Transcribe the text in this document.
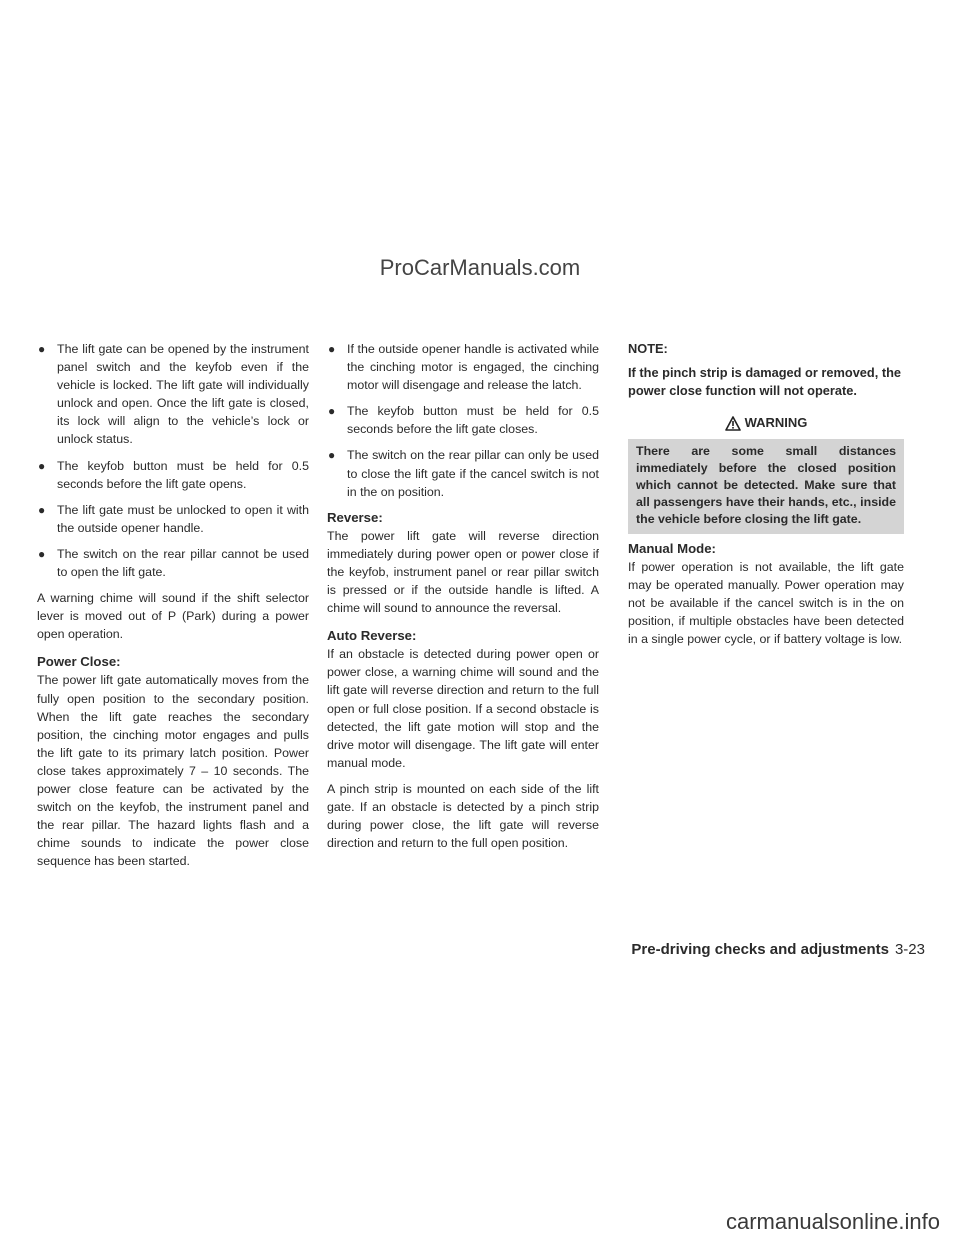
ProCarManuals.com
● The lift gate can be opened by the instrument panel switch and the keyfob even if the vehicle is locked. The lift gate will individually unlock and open. Once the lift gate is closed, its lock will align to the vehicle’s lock or unlock status.
● The keyfob button must be held for 0.5 seconds before the lift gate opens.
● The lift gate must be unlocked to open it with the outside opener handle.
● The switch on the rear pillar cannot be used to open the lift gate.

A warning chime will sound if the shift selector lever is moved out of P (Park) during a power open operation.

Power Close:

The power lift gate automatically moves from the fully open position to the secondary position. When the lift gate reaches the secondary position, the cinching motor engages and pulls the lift gate to its primary latch position. Power close takes approximately 7 – 10 seconds. The power close feature can be activated by the switch on the keyfob, the instrument panel and the rear pillar. The hazard lights flash and a chime sounds to indicate the power close sequence has been started.

● If the outside opener handle is activated while the cinching motor is engaged, the cinching motor will disengage and release the latch.
● The keyfob button must be held for 0.5 seconds before the lift gate closes.
● The switch on the rear pillar can only be used to close the lift gate if the cancel switch is not in the on position.
Reverse:

The power lift gate will reverse direction immediately during power open or power close if the keyfob, instrument panel or rear pillar switch is pressed or if the outside handle is lifted. A chime will sound to announce the reversal.

Auto Reverse:

If an obstacle is detected during power open or power close, a warning chime will sound and the lift gate will reverse direction and return to the full open or full close position. If a second obstacle is detected, the lift gate motion will stop and the drive motor will disengage. The lift gate will enter manual mode.

A pinch strip is mounted on each side of the lift gate. If an obstacle is detected by a pinch strip during power close, the lift gate will reverse direction and return to the full open position.

NOTE:
If the pinch strip is damaged or removed, the power close function will not operate.
WARNING
There are some small distances immediately before the closed position which cannot be detected. Make sure that all passengers have their hands, etc., inside the vehicle before closing the lift gate.
Manual Mode:

If power operation is not available, the lift gate may be operated manually. Power operation may not be available if the cancel switch is in the on position, if multiple obstacles have been detected in a single power cycle, or if battery voltage is low.

Pre-driving checks and adjustments 3-23
carmanualsonline.info
